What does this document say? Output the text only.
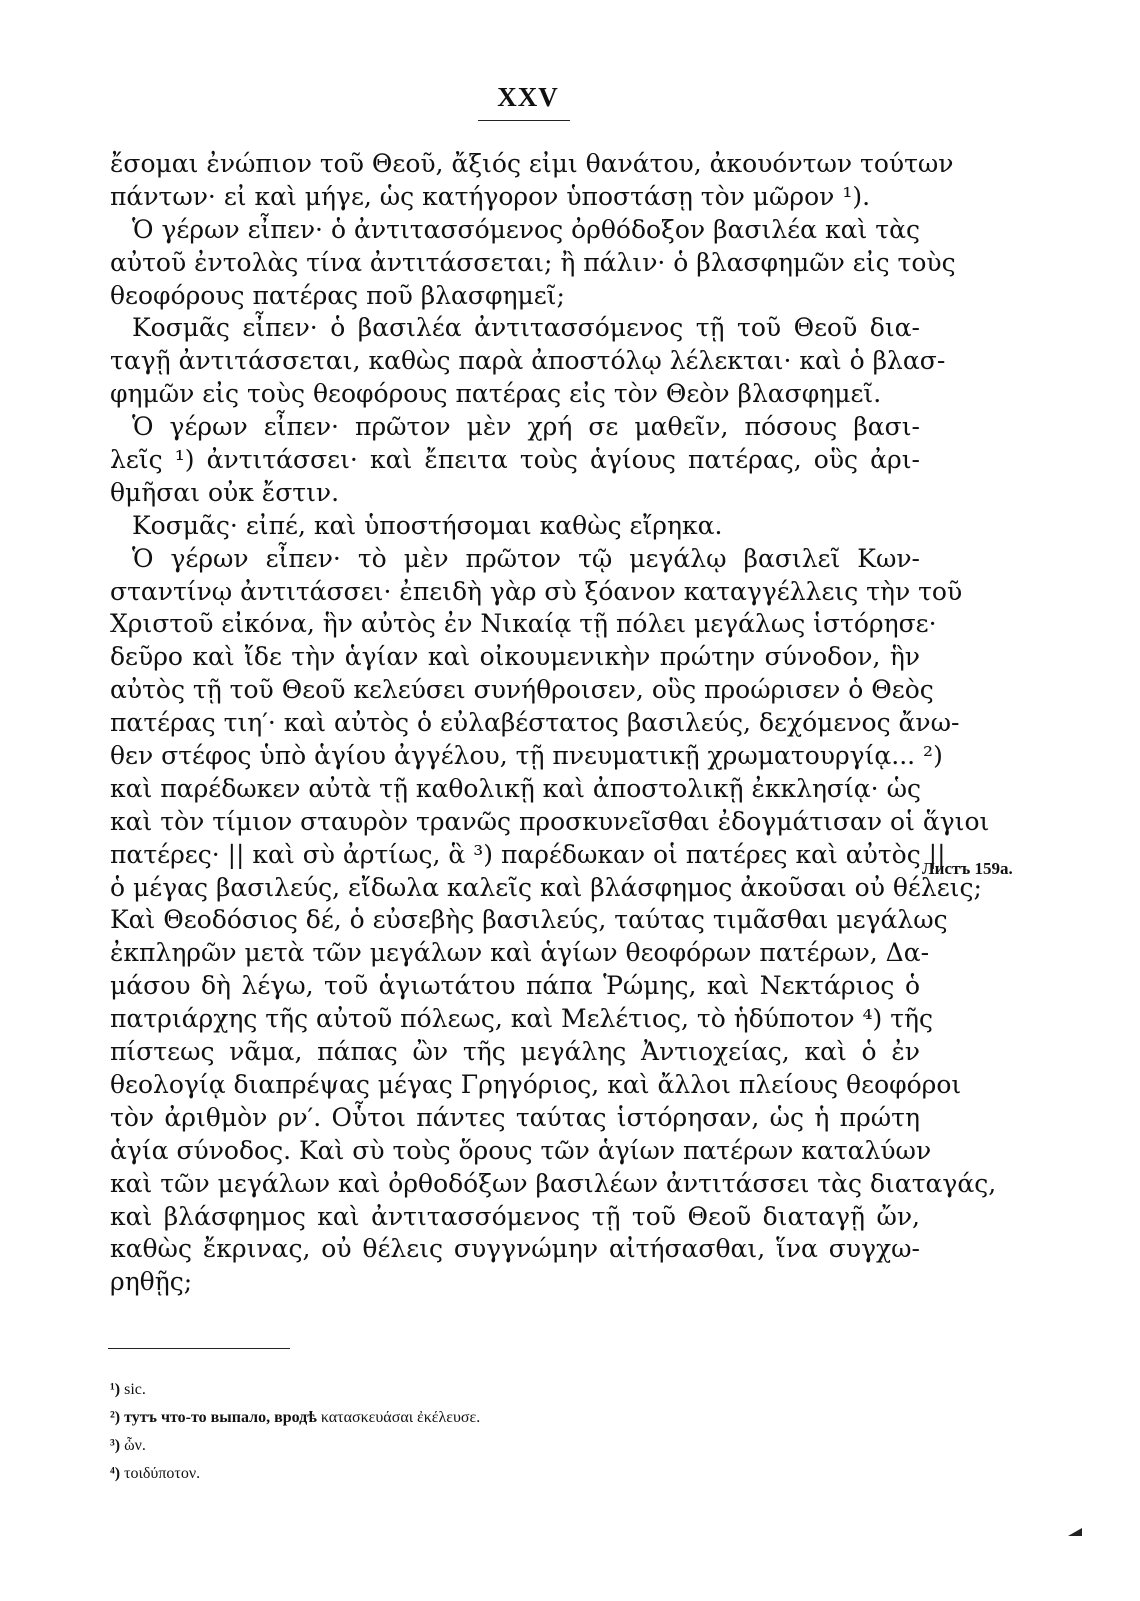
XXV
ἔσομαι ἐνώπιον τοῦ Θεοῦ, ἄξιός εἰμι θανάτου, ἀκουόντων τούτων
πάντων· εἰ καὶ μήγε, ὡς κατήγορον ὑποστάσῃ τὸν μῶρον ¹).
Ὁ γέρων εἶπεν· ὁ ἀντιτασσόμενος ὀρθόδοξον βασιλέα καὶ τὰς
αὐτοῦ ἐντολὰς τίνα ἀντιτάσσεται; ἢ πάλιν· ὁ βλασφημῶν εἰς τοὺς
θεοφόρους πατέρας ποῦ βλασφημεῖ;
Κοσμᾶς εἶπεν· ὁ βασιλέα ἀντιτασσόμενος τῇ τοῦ Θεοῦ δια-
ταγῇ ἀντιτάσσεται, καθὼς παρὰ ἀποστόλῳ λέλεκται· καὶ ὁ βλασ-
φημῶν εἰς τοὺς θεοφόρους πατέρας εἰς τὸν Θεὸν βλασφημεῖ.
Ὁ γέρων εἶπεν· πρῶτον μὲν χρή σε μαθεῖν, πόσους βασι-
λεῖς ¹) ἀντιτάσσει· καὶ ἔπειτα τοὺς ἁγίους πατέρας, οὓς ἀρι-
θμῆσαι οὐκ ἔστιν.
Κοσμᾶς· εἰπέ, καὶ ὑποστήσομαι καθὼς εἴρηκα.
Ὁ γέρων εἶπεν· τὸ μὲν πρῶτον τῷ μεγάλῳ βασιλεῖ Κων-
σταντίνῳ ἀντιτάσσει· ἐπειδὴ γὰρ σὺ ξόανον καταγγέλλεις τὴν τοῦ
Χριστοῦ εἰκόνα, ἣν αὐτὸς ἐν Νικαίᾳ τῇ πόλει μεγάλως ἱστόρησε·
δεῦρο καὶ ἴδε τὴν ἁγίαν καὶ οἰκουμενικὴν πρώτην σύνοδον, ἣν
αὐτὸς τῇ τοῦ Θεοῦ κελεύσει συνήθροισεν, οὓς προώρισεν ὁ Θεὸς
πατέρας τιη′· καὶ αὐτὸς ὁ εὐλαβέστατος βασιλεύς, δεχόμενος ἄνω-
θεν στέφος ὑπὸ ἁγίου ἀγγέλου, τῇ πνευματικῇ χρωματουργίᾳ... ²)
καὶ παρέδωκεν αὐτὰ τῇ καθολικῇ καὶ ἀποστολικῇ ἐκκλησίᾳ· ὡς
καὶ τὸν τίμιον σταυρὸν τρανῶς προσκυνεῖσθαι ἐδογμάτισαν οἱ ἅγιοι
πατέρες· || καὶ σὺ ἀρτίως, ἃ ³) παρέδωκαν οἱ πατέρες καὶ αὐτὸς ||
ὁ μέγας βασιλεύς, εἴδωλα καλεῖς καὶ βλάσφημος ἀκοῦσαι οὐ θέλεις;
Καὶ Θεοδόσιος δέ, ὁ εὐσεβὴς βασιλεύς, ταύτας τιμᾶσθαι μεγάλως
ἐκπληρῶν μετὰ τῶν μεγάλων καὶ ἁγίων θεοφόρων πατέρων, Δα-
μάσου δὴ λέγω, τοῦ ἁγιωτάτου πάπα Ῥώμης, καὶ Νεκτάριος ὁ
πατριάρχης τῆς αὐτοῦ πόλεως, καὶ Μελέτιος, τὸ ἡδύποτον ⁴) τῆς
πίστεως νᾶμα, πάπας ὢν τῆς μεγάλης Ἀντιοχείας, καὶ ὁ ἐν
θεολογίᾳ διαπρέψας μέγας Γρηγόριος, καὶ ἄλλοι πλείους θεοφόροι
τὸν ἀριθμὸν ρν′. Οὗτοι πάντες ταύτας ἱστόρησαν, ὡς ἡ πρώτη
ἁγία σύνοδος. Καὶ σὺ τοὺς ὅρους τῶν ἁγίων πατέρων καταλύων
καὶ τῶν μεγάλων καὶ ὀρθοδόξων βασιλέων ἀντιτάσσει τὰς διαταγάς,
καὶ βλάσφημος καὶ ἀντιτασσόμενος τῇ τοῦ Θεοῦ διαταγῇ ὤν,
καθὼς ἔκρινας, οὐ θέλεις συγγνώμην αἰτήσασθαι, ἵνα συγχω-
ρηθῇς;
Листъ 159а.
¹) sic.
²) тутъ что-то выпало, вродѣ κατασκευάσαι ἐκέλευσε.
³) ὧν.
⁴) τοιδύποτον.
